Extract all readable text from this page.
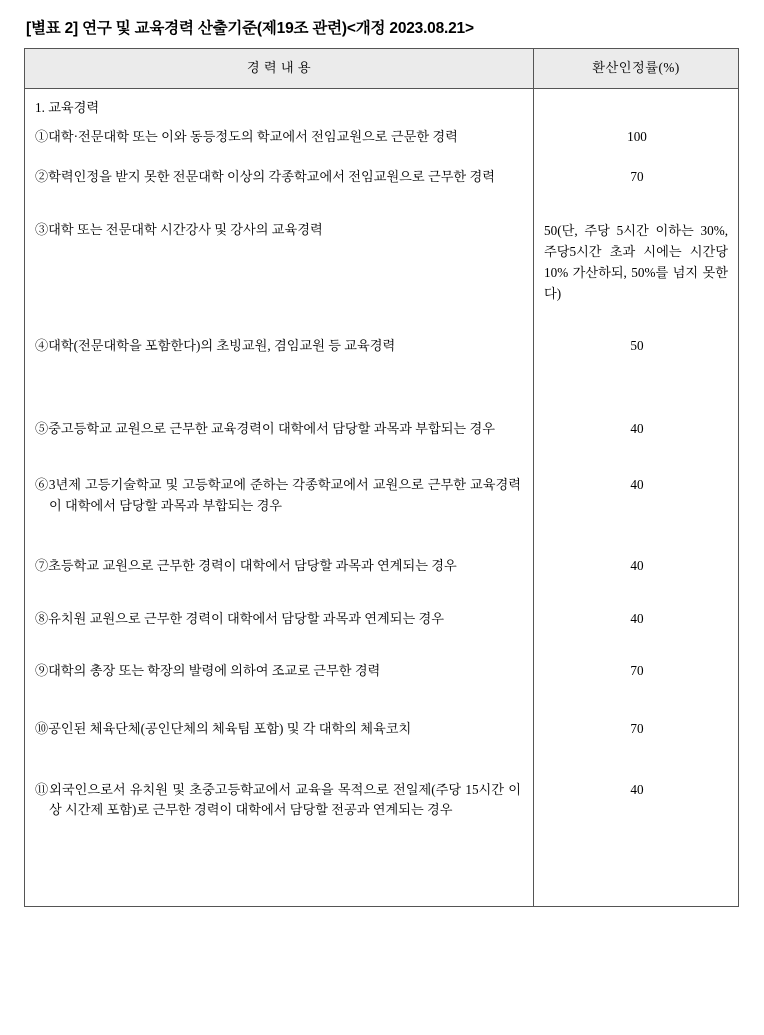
[별표 2] 연구 및 교육경력 산출기준(제19조 관련)<개정 2023.08.21>
경 력 내 용	환산인정률(%)

1. 교육경력	

①대학·전문대학 또는 이와 동등정도의 학교에서 전임교원으로 근문한 경력	100

②학력인정을 받지 못한 전문대학 이상의 각종학교에서 전임교원으로 근무한 경력	70

③대학 또는 전문대학 시간강사 및 강사의 교육경력	50(단, 주당 5시간 이하는 30%, 주당5시간 초과 시에는 시간당 10% 가산하되, 50%를 넘지 못한다)

④대학(전문대학을 포함한다)의 초빙교원, 겸임교원 등 교육경력	50

⑤중고등학교 교원으로 근무한 교육경력이 대학에서 담당할 과목과 부합되는 경우	40

⑥3년제 고등기술학교 및 고등학교에 준하는 각종학교에서 교원으로 근무한 교육경력이 대학에서 담당할 과목과 부합되는 경우	40

⑦초등학교 교원으로 근무한 경력이 대학에서 담당할 과목과 연계되는 경우	40

⑧유치원 교원으로 근무한 경력이 대학에서 담당할 과목과 연계되는 경우	40

⑨대학의 총장 또는 학장의 발령에 의하여 조교로 근무한 경력	70

⑩공인된 체육단체(공인단체의 체육팀 포함) 및 각 대학의 체육코치	70

⑪외국인으로서 유치원 및 초중고등학교에서 교육을 목적으로 전일제(주당 15시간 이상 시간제 포함)로 근무한 경력이 대학에서 담당할 전공과 연계되는 경우	40
